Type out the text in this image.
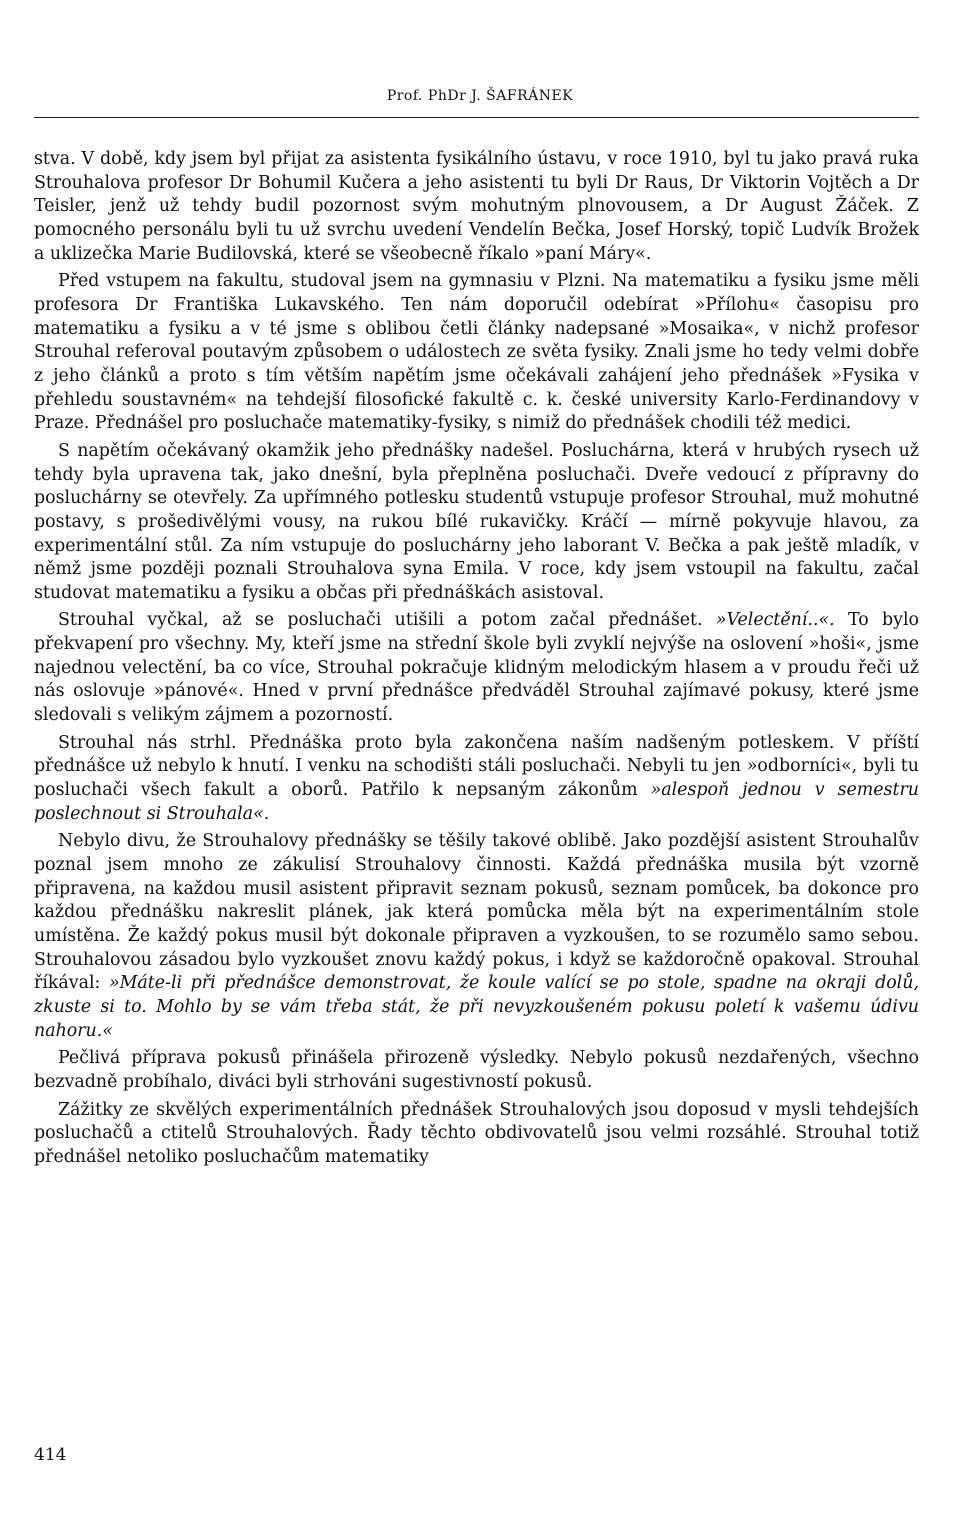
Prof. PhDr J. ŠAFRÁNEK

stva. V době, kdy jsem byl přijat za asistenta fysikálního ústavu, v roce 1910, byl tu jako pravá ruka Strouhalova profesor Dr Bohumil Kučera a jeho asistenti tu byli Dr Raus, Dr Viktorin Vojtěch a Dr Teisler, jenž už tehdy budil pozornost svým mohutným plnovousem, a Dr August Žáček. Z pomocného personálu byli tu už svrchu uvedení Vendelín Bečka, Josef Horský, topič Ludvík Brožek a uklizečka Marie Budilovská, které se všeobecně říkalo »paní Máry«.

Před vstupem na fakultu, studoval jsem na gymnasiu v Plzni. Na matematiku a fysiku jsme měli profesora Dr Františka Lukavského. Ten nám doporučil odebírat »Přílohu« časopisu pro matematiku a fysiku a v té jsme s oblibou četli články nadepsané »Mosaika«, v nichž profesor Strouhal referoval poutavým způsobem o událostech ze světa fysiky. Znali jsme ho tedy velmi dobře z jeho článků a proto s tím větším napětím jsme očekávali zahájení jeho přednášek »Fysika v přehledu soustavném« na tehdejší filosofické fakultě c. k. české university Karlo-Ferdinandovy v Praze. Přednášel pro posluchače matematiky-fysiky, s nimiž do přednášek chodili též medici.

S napětím očekávaný okamžik jeho přednášky nadešel. Posluchárna, která v hrubých rysech už tehdy byla upravena tak, jako dnešní, byla přeplněna posluchači. Dveře vedoucí z přípravny do posluchárny se otevřely. Za upřímného potlesku studentů vstupuje profesor Strouhal, muž mohutné postavy, s prošedivělými vousy, na rukou bílé rukavičky. Kráčí — mírně pokyvuje hlavou, za experimentální stůl. Za ním vstupuje do posluchárny jeho laborant V. Bečka a pak ještě mladík, v němž jsme později poznali Strouhalova syna Emila. V roce, kdy jsem vstoupil na fakultu, začal studovat matematiku a fysiku a občas při přednáškách asistoval.

Strouhal vyčkal, až se posluchači utišili a potom začal přednášet. »Velectění..«. To bylo překvapení pro všechny. My, kteří jsme na střední škole byli zvyklí nejvýše na oslovení »hoši«, jsme najednou velectění, ba co více, Strouhal pokračuje klidným melodickým hlasem a v proudu řeči už nás oslovuje »pánové«. Hned v první přednášce předváděl Strouhal zajímavé pokusy, které jsme sledovali s velikým zájmem a pozorností.

Strouhal nás strhl. Přednáška proto byla zakončena naším nadšeným potleskem. V příští přednášce už nebylo k hnutí. I venku na schodišti stáli posluchači. Nebyli tu jen »odborníci«, byli tu posluchači všech fakult a oborů. Patřilo k nepsaným zákonům »alespoň jednou v semestru poslechnout si Strouhala«.

Nebylo divu, že Strouhalovy přednášky se těšily takové oblibě. Jako pozdější asistent Strouhalův poznal jsem mnoho ze zákulisí Strouhalovy činnosti. Každá přednáška musila být vzorně připravena, na každou musil asistent připravit seznam pokusů, seznam pomůcek, ba dokonce pro každou přednášku nakreslit plánek, jak která pomůcka měla být na experimentálním stole umístěna. Že každý pokus musil být dokonale připraven a vyzkoušen, to se rozumělo samo sebou. Strouhalovou zásadou bylo vyzkoušet znovu každý pokus, i když se každoročně opakoval. Strouhal říkával: »Máte-li při přednášce demonstrovat, že koule valící se po stole, spadne na okraji dolů, zkuste si to. Mohlo by se vám třeba stát, že při nevyzkoušeném pokusu poletí k vašemu údivu nahoru.«

Pečlivá příprava pokusů přinášela přirozeně výsledky. Nebylo pokusů nezdařených, všechno bezvadně probíhalo, diváci byli strhováni sugestivností pokusů.

Zážitky ze skvělých experimentálních přednášek Strouhalových jsou doposud v mysli tehdejších posluchačů a ctitelů Strouhalových. Řady těchto obdivovatelů jsou velmi rozsáhlé. Strouhal totiž přednášel netoliko posluchačům matematiky

414
